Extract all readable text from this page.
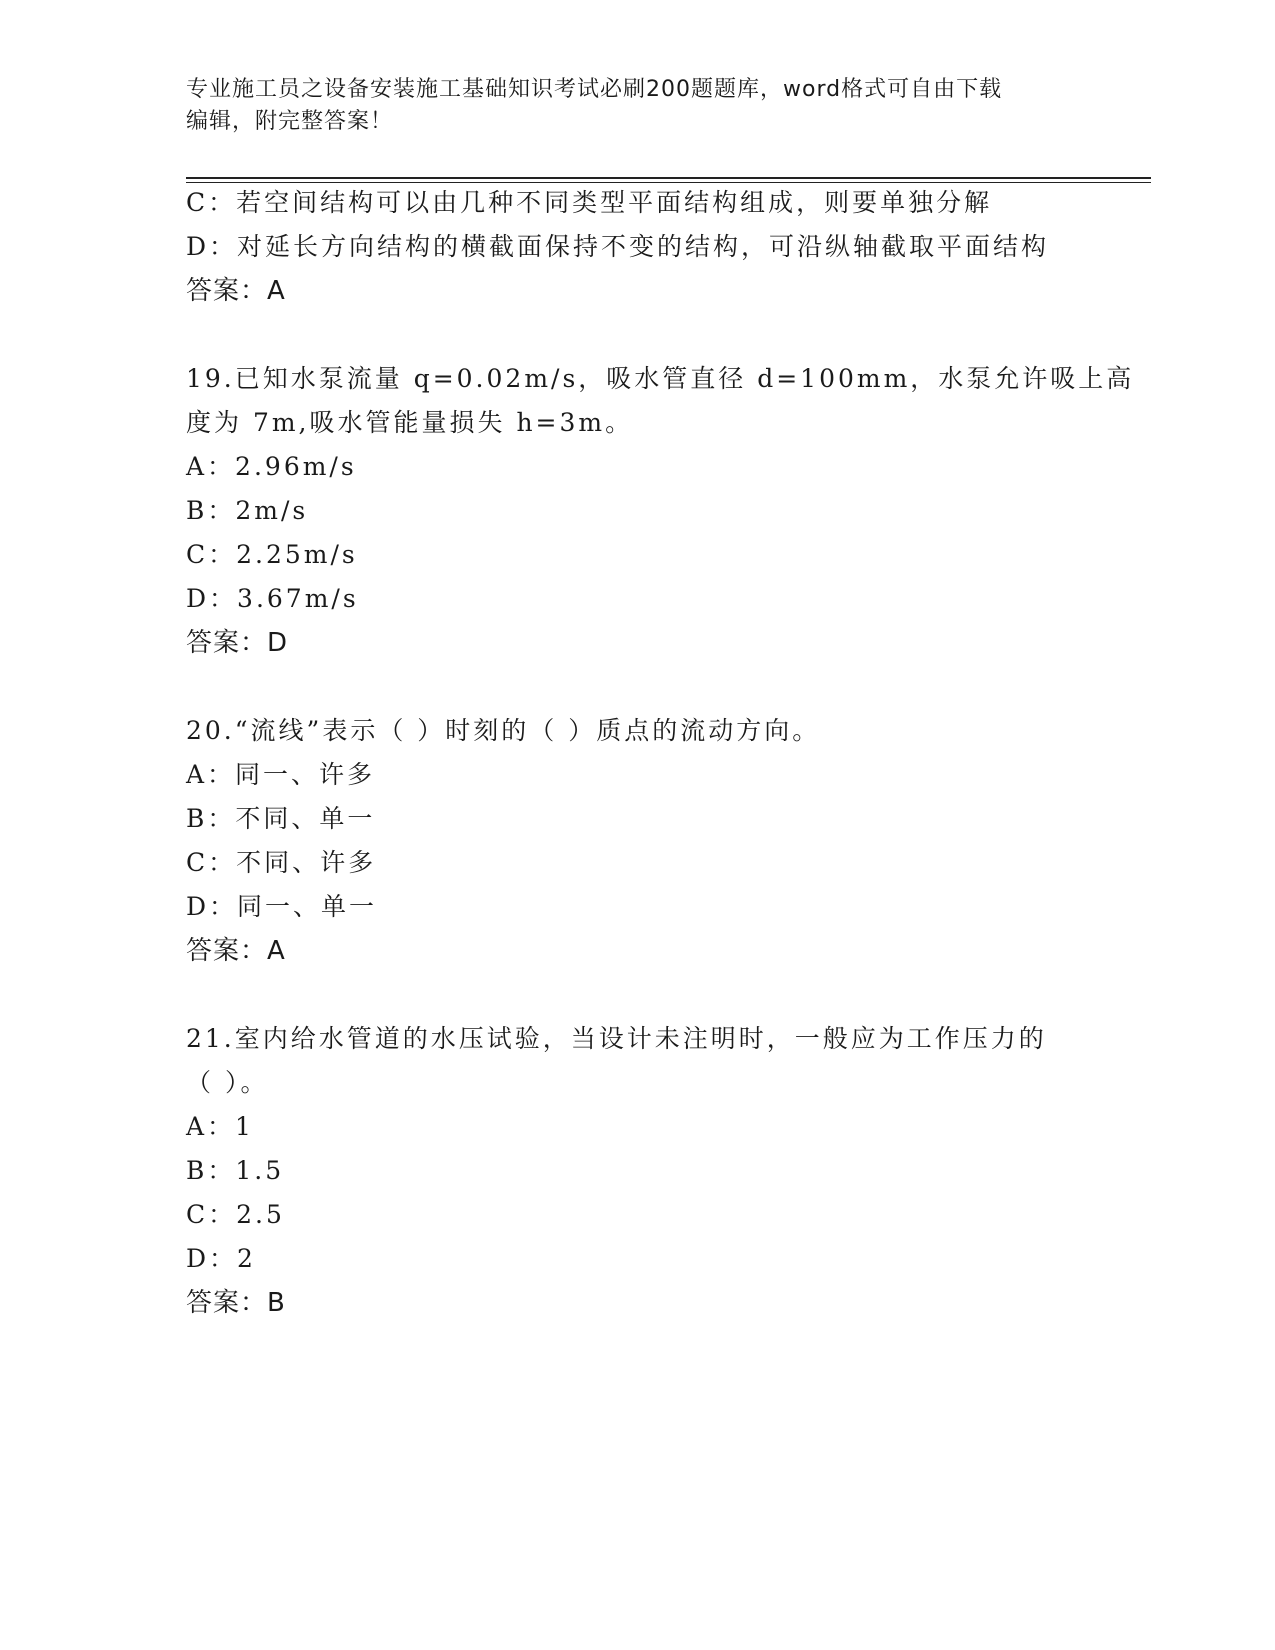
专业施工员之设备安装施工基础知识考试必刷200题题库，word格式可自由下载
编辑，附完整答案！
C：若空间结构可以由几种不同类型平面结构组成，则要单独分解
D：对延长方向结构的横截面保持不变的结构，可沿纵轴截取平面结构
答案：A
19.已知水泵流量 q=0.02m/s，吸水管直径 d=100mm，水泵允许吸上高
度为 7m,吸水管能量损失 h=3m。
A：2.96m/s
B：2m/s
C：2.25m/s
D：3.67m/s
答案：D
20.“流线”表示（ ）时刻的（ ）质点的流动方向。
A：同一、许多
B：不同、单一
C：不同、许多
D：同一、单一
答案：A
21.室内给水管道的水压试验，当设计未注明时，一般应为工作压力的
（ ）。
A：1
B：1.5
C：2.5
D：2
答案：B
